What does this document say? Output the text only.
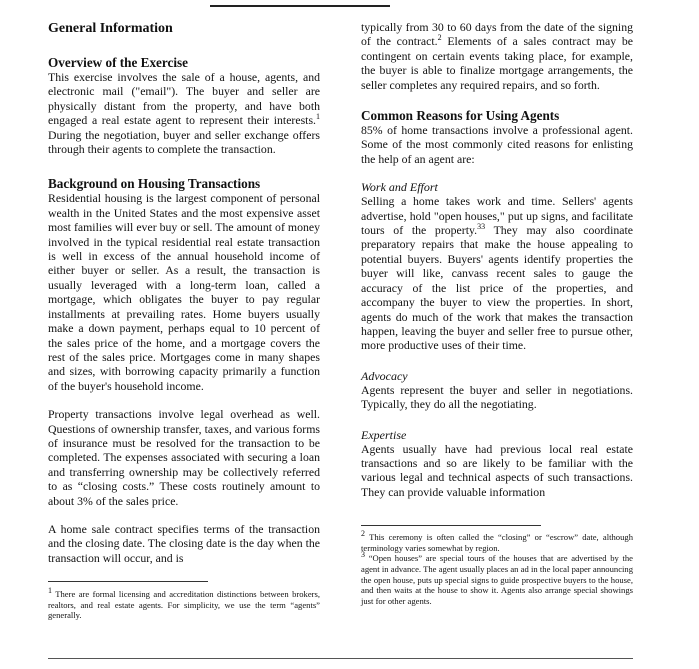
General Information
Overview of the Exercise

This exercise involves the sale of a house, agents, and electronic mail ("email"). The buyer and seller are physically distant from the property, and have both engaged a real estate agent to represent their interests.$^1$ During the negotiation, buyer and seller exchange offers through their agents to complete the transaction.

Background on Housing Transactions

Residential housing is the largest component of personal wealth in the United States and the most expensive asset most families will ever buy or sell. The amount of money involved in the typical residential real estate transaction is well in excess of the annual household income of either buyer or seller. As a result, the transaction is usually leveraged with a long-term loan, called a mortgage, which obligates the buyer to pay regular installments at prevailing rates. Home buyers usually make a down payment, perhaps equal to 10 percent of the sales price of the home, and a mortgage covers the rest of the sales price. Mortgages come in many shapes and sizes, with borrowing capacity primarily a function of the buyer's household income.

Property transactions involve legal overhead as well. Questions of ownership transfer, taxes, and various forms of insurance must be resolved for the transaction to be completed. The expenses associated with securing a loan and transferring ownership may be collectively referred to as “closing costs.” These costs routinely amount to about 3% of the sales price.

A home sale contract specifies terms of the transaction and the closing date. The closing date is the day when the transaction will occur, and is

$^1$ There are formal licensing and accreditation distinctions between brokers, realtors, and real estate agents. For simplicity, we use the term “agents” generally.

typically from 30 to 60 days from the date of the signing of the contract.$^2$ Elements of a sales contract may be contingent on certain events taking place, for example, the buyer is able to finalize mortgage arrangements, the seller completes any required repairs, and so forth.

Common Reasons for Using Agents

85% of home transactions involve a professional agent. Some of the most commonly cited reasons for enlisting the help of an agent are:

Work and Effort

Selling a home takes work and time. Sellers' agents advertise, hold "open houses," put up signs, and facilitate tours of the property.$^{33}$ They may also coordinate preparatory repairs that make the house appealing to potential buyers. Buyers' agents identify properties the buyer will like, canvass recent sales to gauge the accuracy of the list price of the properties, and accompany the buyer to view the properties. In short, agents do much of the work that makes the transaction happen, leaving the buyer and seller free to pursue other, more productive uses of their time.

Advocacy

Agents represent the buyer and seller in negotiations. Typically, they do all the negotiating.

Expertise

Agents usually have had previous local real estate transactions and so are likely to be familiar with the various legal and technical aspects of such transactions. They can provide valuable information

$^2$ This ceremony is often called the “closing” or “escrow” date, although terminology varies somewhat by region.

$^3$ “Open houses” are special tours of the houses that are advertised by the agent in advance. The agent usually places an ad in the local paper announcing the open house, puts up special signs to guide prospective buyers to the house, and then waits at the house to show it. Agents also arrange special showings just for other agents.
